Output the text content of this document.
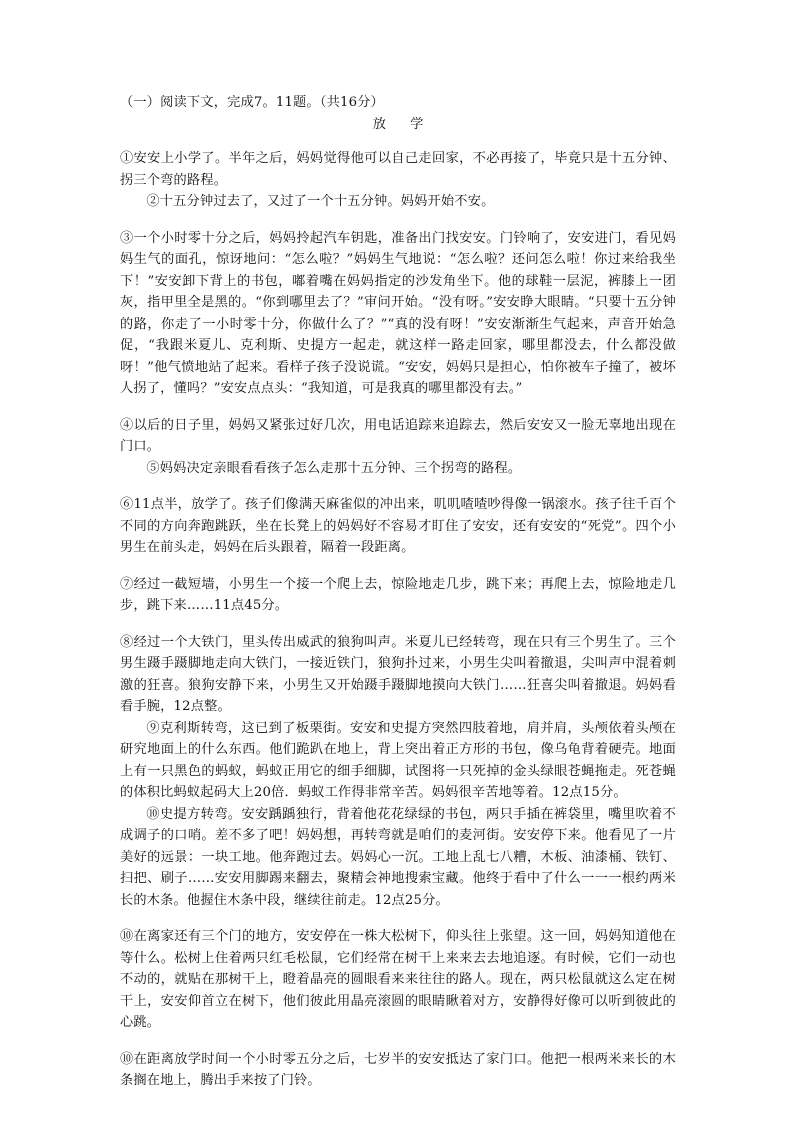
（一）阅读下文，完成7。11题。（共16分）

放 学

①安安上小学了。半年之后，妈妈觉得他可以自己走回家，不必再接了，毕竟只是十五分钟、拐三个弯的路程。

②十五分钟过去了，又过了一个十五分钟。妈妈开始不安。

③一个小时零十分之后，妈妈拎起汽车钥匙，准备出门找安安。门铃响了，安安进门，看见妈妈生气的面孔，惊讶地问：“怎么啦？”妈妈生气地说：“怎么啦？还问怎么啦！你过来给我坐下！”安安卸下背上的书包，嘟着嘴在妈妈指定的沙发角坐下。他的球鞋一层泥，裤膝上一团灰，指甲里全是黑的。“你到哪里去了？”审问开始。“没有呀。”安安睁大眼睛。“只要十五分钟的路，你走了一小时零十分，你做什么了？”“真的没有呀！”安安渐渐生气起来，声音开始急促，“我跟米夏儿、克利斯、史提方一起走，就这样一路走回家，哪里都没去，什么都没做呀！”他气愤地站了起来。看样子孩子没说谎。“安安，妈妈只是担心，怕你被车子撞了，被坏人拐了，懂吗？”安安点点头：“我知道，可是我真的哪里都没有去。”

④以后的日子里，妈妈又紧张过好几次，用电话追踪来追踪去，然后安安又一脸无辜地出现在门口。

⑤妈妈决定亲眼看看孩子怎么走那十五分钟、三个拐弯的路程。

⑥11点半，放学了。孩子们像满天麻雀似的冲出来，叽叽喳喳吵得像一锅滚水。孩子往千百个不同的方向奔跑跳跃，坐在长凳上的妈妈好不容易才盯住了安安，还有安安的“死党”。四个小男生在前头走，妈妈在后头跟着，隔着一段距离。

⑦经过一截短墙，小男生一个接一个爬上去，惊险地走几步，跳下来；再爬上去，惊险地走几步，跳下来……11点45分。

⑧经过一个大铁门，里头传出威武的狼狗叫声。米夏儿已经转弯，现在只有三个男生了。三个男生蹑手蹑脚地走向大铁门，一接近铁门，狼狗扑过来，小男生尖叫着撤退，尖叫声中混着刺激的狂喜。狼狗安静下来，小男生又开始蹑手蹑脚地摸向大铁门……狂喜尖叫着撤退。妈妈看看手腕，12点整。

⑨克利斯转弯，这已到了板栗街。安安和史提方突然四肢着地，肩并肩，头颅依着头颅在研究地面上的什么东西。他们跪趴在地上，背上突出着正方形的书包，像乌龟背着硬壳。地面上有一只黑色的蚂蚁，蚂蚁正用它的细手细脚，试图将一只死掉的金头绿眼苍蝇拖走。死苍蝇的体积比蚂蚁起码大上20倍．蚂蚁工作得非常辛苦。妈妈很辛苦地等着。12点15分。

⑩史提方转弯。安安踽踽独行，背着他花花绿绿的书包，两只手插在裤袋里，嘴里吹着不成调子的口哨。差不多了吧！妈妈想，再转弯就是咱们的麦河街。安安停下来。他看见了一片美好的远景：一块工地。他奔跑过去。妈妈心一沉。工地上乱七八糟，木板、油漆桶、铁钉、扫把、刷子……安安用脚踢来翻去，聚精会神地搜索宝藏。他终于看中了什么一一一根约两米长的木条。他握住木条中段，继续往前走。12点25分。

⑩在离家还有三个门的地方，安安停在一株大松树下，仰头往上张望。这一回，妈妈知道他在等什么。松树上住着两只红毛松鼠，它们经常在树干上来来去去地追逐。有时候，它们一动也不动的，就贴在那树干上，瞪着晶亮的圆眼看来来往往的路人。现在，两只松鼠就这么定在树干上，安安仰首立在树下，他们彼此用晶亮滚圆的眼睛瞅着对方，安静得好像可以听到彼此的心跳。

⑩在距离放学时间一个小时零五分之后，七岁半的安安抵达了家门口。他把一根两米来长的木条搁在地上，腾出手来按了门铃。
